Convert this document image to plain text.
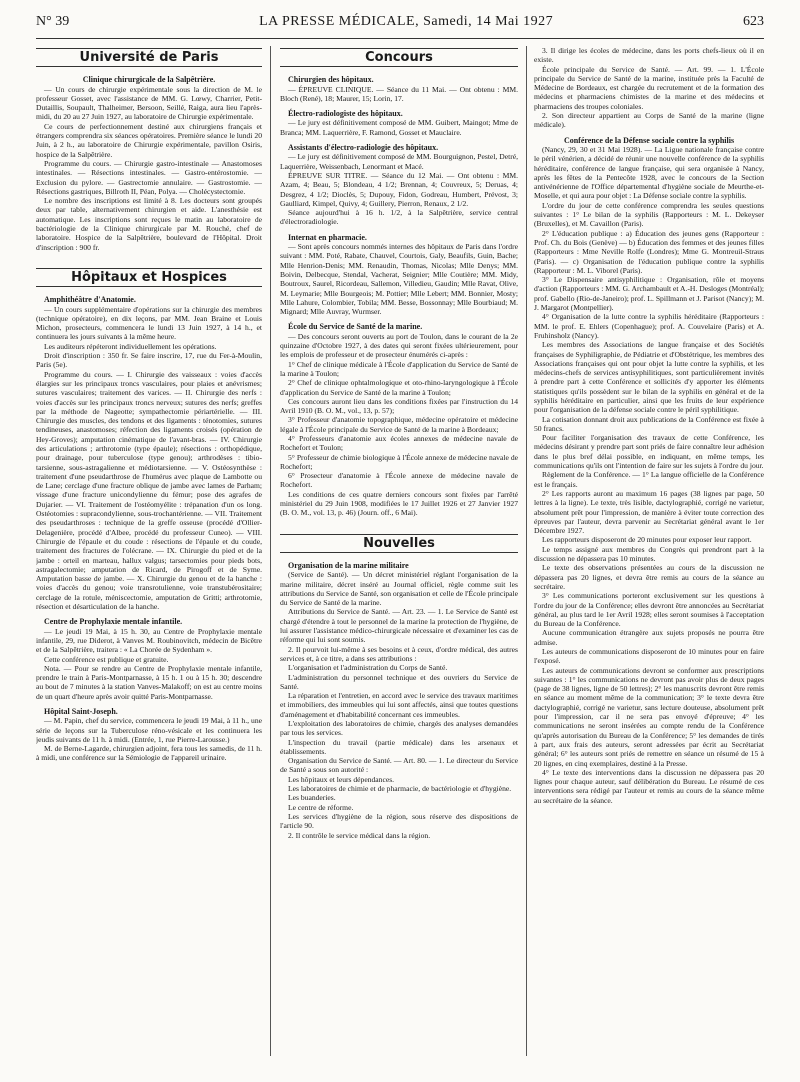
N° 39	LA PRESSE MÉDICALE, Samedi, 14 Mai 1927	623
Université de Paris
Clinique chirurgicale de la Salpêtrière.

— Un cours de chirurgie expérimentale sous la direction de M. le professeur Gosset, avec l'assistance de MM. G. Lœwy, Charrier, Petit-Dutaillis, Soupault, Thalheimer, Bersoon, Seillé, Raiga, aura lieu l'après-midi, du 20 au 27 Juin 1927, au laboratoire de Chirurgie expérimentale.

Ce cours de perfectionnement destiné aux chirurgiens français et étrangers comprendra six séances opératoires. Première séance le lundi 20 Juin, à 2 h., au laboratoire de Chirurgie expérimentale, pavillon Osiris, hospice de la Salpêtrière.

Programme du cours. — Chirurgie gastro-intestinale — Anastomoses intestinales. — Résections intestinales. — Gastro-entérostomie. — Exclusion du pylore. — Gastrectomie annulaire. — Gastrostomie. — Résections gastriques, Billroth II, Péan, Polya. — Cholécystectomie.

Le nombre des inscriptions est limité à 8. Les docteurs sont groupés deux par table, alternativement chirurgien et aide. L'anesthésie est automatique. Les inscriptions sont reçues le matin au laboratoire de bactériologie de la Clinique chirurgicale par M. Rouché, chef de laboratoire. Hospice de la Salpêtrière, boulevard de l'Hôpital. Droit d'inscription : 900 fr.

Hôpitaux et Hospices
Amphithéâtre d'Anatomie.

— Un cours supplémentaire d'opérations sur la chirurgie des membres (technique opératoire), en dix leçons, par MM. Jean Braine et Louis Michon, prosecteurs, commencera le lundi 13 Juin 1927, à 14 h., et continuera les jours suivants à la même heure.

Les auditeurs répéteront individuellement les opérations.

Droit d'inscription : 350 fr. Se faire inscrire, 17, rue du Fer-à-Moulin, Paris (5e).

Programme du cours. — I. Chirurgie des vaisseaux : voies d'accès élargies sur les principaux troncs vasculaires, pour plaies et anévrismes; sutures vasculaires; traitement des varices. — II. Chirurgie des nerfs : voies d'accès sur les principaux troncs nerveux; sutures des nerfs; greffes par la méthode de Nageotte; sympathectomie périartérielle. — III. Chirurgie des muscles, des tendons et des ligaments : ténotomies, sutures tendineuses, anastomoses; réfection des ligaments croisés (opération de Hey-Groves); amputation cinématique de l'avant-bras. — IV. Chirurgie des articulations ; arthrotomie (type épaule); résections : orthopédique, pour drainage, pour tuberculose (type genou); arthrodèses : tibio-tarsienne, sous-astragalienne et médiotarsienne. — V. Ostéosynthèse : traitement d'une pseudarthrose de l'humérus avec plaque de Lambotte ou de Lane; cerclage d'une fracture oblique de jambe avec lames de Parham; vissage d'une fracture unicondylienne du fémur; pose des agrafes de Dujarier. — VI. Traitement de l'ostéomyélite : trépanation d'un os long. Ostéotomies : supracondylienne, sous-trochantérienne. — VII. Traitement des pseudarthroses : technique de la greffe osseuse (procédé d'Ollier-Delagenière, procédé d'Albee, procédé du professeur Cuneo). — VIII. Chirurgie de l'épaule et du coude : résections de l'épaule et du coude, traitement des fractures de l'olécrane. — IX. Chirurgie du pied et de la jambe : orteil en marteau, hallux valgus; tarsectomies pour pieds bots, astragalectomie; amputation de Ricard, de Pirogoff et de Syme. Amputation basse de jambe. — X. Chirurgie du genou et de la hanche : voies d'accès du genou; voie transrotulienne, voie transtubérositaire; cerclage de la rotule, méniscectomie, amputation de Gritti; arthrotomie, résection et désarticulation de la hanche.

Centre de Prophylaxie mentale infantile.

— Le jeudi 19 Mai, à 15 h. 30, au Centre de Prophylaxie mentale infantile, 29, rue Diderot, à Vanves M. Roubinovitch, médecin de Bicêtre et de la Salpêtrière, traitera : « La Chorée de Sydenham ».

Cette conférence est publique et gratuite.

Nota. — Pour se rendre au Centre de Prophylaxie mentale infantile, prendre le train à Paris-Montparnasse, à 15 h. 1 ou à 15 h. 30; descendre au bout de 7 minutes à la station Vanves-Malakoff; on est au centre moins de un quart d'heure après avoir quitté Paris-Montparnasse.

Hôpital Saint-Joseph.

— M. Papin, chef du service, commencera le jeudi 19 Mai, à 11 h., une série de leçons sur la Tuberculose réno-vésicale et les continuera les jeudis suivants de 11 h. à midi. (Entrée, 1, rue Pierre-Larousse.)

M. de Berne-Lagarde, chirurgien adjoint, fera tous les samedis, de 11 h. à midi, une conférence sur la Sémiologie de l'appareil urinaire.

Concours
Chirurgien des hôpitaux.

— ÉPREUVE CLINIQUE. — Séance du 11 Mai. — Ont obtenu : MM. Bloch (René), 18; Maurer, 15; Lorin, 17.

Électro-radiologiste des hôpitaux.

— Le jury est définitivement composé de MM. Guibert, Maingot; Mme de Branca; MM. Laquerrière, F. Ramond, Gosset et Mauclaire.

Assistants d'électro-radiologie des hôpitaux.

— Le jury est définitivement composé de MM. Bourguignon, Pestel, Detré, Laquerrière, Weissenbach, Lenormant et Macé.

ÉPREUVE SUR TITRE. — Séance du 12 Mai. — Ont obtenu : MM. Azam, 4; Beau, 5; Blondeau, 4 1/2; Brennan, 4; Couvreux, 5; Deruas, 4; Desgrez, 4 1/2; Dioclès, 5; Dupouy, Fidon, Godreau, Humbert, Prévost, 3; Gaulliard, Kimpel, Quivy, 4; Guillery, Pierron, Renaux, 2 1/2.

Séance aujourd'hui à 16 h. 1/2, à la Salpêtrière, service central d'électroradiologie.

Internat en pharmacie.

— Sont après concours nommés internes des hôpitaux de Paris dans l'ordre suivant : MM. Poté, Rabate, Chauvel, Courtois, Galy, Beaufils, Guin, Bache; Mlle Henrion-Denis; MM. Renaudin, Thomas, Nicolas; Mlle Denys; MM. Boivin, Delbecque, Stendal, Vacherat, Seignier; Mlle Coutière; MM. Midy, Boutroux, Saurel, Ricordeau, Sallemon, Villedieu, Gaudin; Mlle Ravat, Olive, M. Leymarie; Mlle Bourgeois; M. Pottier; Mlle Lebert; MM. Bonnier, Mosty; Mlle Lahure, Colombier, Tobila; MM. Besse, Bossonnay; Mlle Bourbiaud; M. Mignard; Mlle Auvray, Wurmser.

École du Service de Santé de la marine.

— Des concours seront ouverts au port de Toulon, dans le courant de la 2e quinzaine d'Octobre 1927, à des dates qui seront fixées ultérieurement, pour les emplois de professeur et de prosecteur énumérés ci-après :

1° Chef de clinique médicale à l'École d'application du Service de Santé de la marine à Toulon;

2° Chef de clinique ophtalmologique et oto-rhino-laryngologique à l'École d'application du Service de Santé de la marine à Toulon;

Ces concours auront lieu dans les conditions fixées par l'instruction du 14 Avril 1910 (B. O. M., vol., 13, p. 57);

3° Professeur d'anatomie topographique, médecine opératoire et médecine légale à l'École principale du Service de Santé de la marine à Bordeaux;

4° Professeurs d'anatomie aux écoles annexes de médecine navale de Rochefort et Toulon;

5° Professeur de chimie biologique à l'École annexe de médecine navale de Rochefort;

6° Prosecteur d'anatomie à l'École annexe de médecine navale de Rochefort.

Les conditions de ces quatre derniers concours sont fixées par l'arrêté ministériel du 29 Juin 1908, modifiées le 17 Juillet 1926 et 27 Janvier 1927 (B. O. M., vol. 13, p. 46) (Journ. off., 6 Mai).

Nouvelles
Organisation de la marine militaire

(Service de Santé). — Un décret ministériel réglant l'organisation de la marine militaire, décret inséré au Journal officiel, règle comme suit les attributions du Service de Santé, son organisation et celle de l'École principale du Service de Santé de la marine.

Attributions du Service de Santé. — Art. 23. — 1. Le Service de Santé est chargé d'étendre à tout le personnel de la marine la protection de l'hygiène, de lui assurer l'assistance médico-chirurgicale nécessaire et d'examiner les cas de réforme qui lui sont soumis.

2. Il pourvoit lui-même à ses besoins et à ceux, d'ordre médical, des autres services et, à ce titre, a dans ses attributions :

L'organisation et l'administration du Corps de Santé.

L'administration du personnel technique et des ouvriers du Service de Santé.

La réparation et l'entretien, en accord avec le service des travaux maritimes et immobiliers, des immeubles qui lui sont affectés, ainsi que toutes questions d'aménagement et d'habitabilité concernant ces immeubles.

L'exploitation des laboratoires de chimie, chargés des analyses demandées par tous les services.

L'inspection du travail (partie médicale) dans les arsenaux et établissements.

Organisation du Service de Santé. — Art. 80. — 1. Le directeur du Service de Santé a sous son autorité :

Les hôpitaux et leurs dépendances.

Les laboratoires de chimie et de pharmacie, de bactériologie et d'hygiène.

Les buanderies.

Le centre de réforme.

Les services d'hygiène de la région, sous réserve des dispositions de l'article 90.

2. Il contrôle le service médical dans la région.

3. Il dirige les écoles de médecine, dans les ports chefs-lieux où il en existe.

École principale du Service de Santé. — Art. 99. — 1. L'École principale du Service de Santé de la marine, instituée près la Faculté de Médecine de Bordeaux, est chargée du recrutement et de la formation des médecins et pharmaciens chimistes de la marine et des médecins et pharmaciens des troupes coloniales.

2. Son directeur appartient au Corps de Santé de la marine (ligne médicale).

Conférence de la Défense sociale contre la syphilis

(Nancy, 29, 30 et 31 Mai 1928). — La Ligue nationale française contre le péril vénérien, a décidé de réunir une nouvelle conférence de la syphilis héréditaire, conférence de langue française, qui sera organisée à Nancy, après les fêtes de la Pentecôte 1928, avec le concours de la Section antivénérienne de l'Office départemental d'hygiène sociale de Meurthe-et-Moselle, et qui aura pour objet : La Défense sociale contre la syphilis.

L'ordre du jour de cette conférence comprendra les seules questions suivantes : 1° Le bilan de la syphilis (Rapporteurs : M. L. Dekeyser (Bruxelles), et M. Cavaillon (Paris).

2° L'éducation publique : a) Éducation des jeunes gens (Rapporteur : Prof. Ch. du Bois (Genève) — b) Éducation des femmes et des jeunes filles (Rapporteurs : Mme Neville Rolfe (Londres); Mme G. Montreuil-Straus (Paris). — c) Organisation de l'éducation publique contre la syphilis (Rapporteur : M. L. Viborel (Paris).

3° Le Dispensaire antisyphilitique : Organisation, rôle et moyens d'action (Rapporteurs : MM. G. Archambault et A.-H. Desloges (Montréal); prof. Gabello (Rio-de-Janeiro); prof. L. Spillmann et J. Parisot (Nancy); M. J. Margarot (Montpellier).

4° Organisation de la lutte contre la syphilis héréditaire (Rapporteurs : MM. le prof. E. Ehlers (Copenhague); prof. A. Couvelaire (Paris) et A. Fruhinsholz (Nancy).

Les membres des Associations de langue française et des Sociétés françaises de Syphiligraphie, de Pédiatrie et d'Obstétrique, les membres des Associations françaises qui ont pour objet la lutte contre la syphilis, et les médecins-chefs de services antisyphilitiques, sont particulièrement invités à prendre part à cette Conférence et sollicités d'y apporter les éléments statistiques qu'ils possèdent sur le bilan de la syphilis en général et de la syphilis héréditaire en particulier, ainsi que les fruits de leur expérience pour l'organisation de la défense sociale contre le péril syphilitique.

La cotisation donnant droit aux publications de la Conférence est fixée à 50 francs.

Pour faciliter l'organisation des travaux de cette Conférence, les médecins désirant y prendre part sont priés de faire connaître leur adhésion dans le plus bref délai possible, en indiquant, en même temps, les communications qu'ils ont l'intention de faire sur les sujets à l'ordre du jour.

Règlement de la Conférence. — 1° La langue officielle de la Conférence est le français.

2° Les rapports auront au maximum 16 pages (38 lignes par page, 50 lettres à la ligne). Le texte, très lisible, dactylographié, corrigé ne varietur, absolument prêt pour l'impression, de manière à éviter toute correction des épreuves par l'auteur, devra parvenir au Secrétariat général avant le 1er Décembre 1927.

Les rapporteurs disposeront de 20 minutes pour exposer leur rapport.

Le temps assigné aux membres du Congrès qui prendront part à la discussion ne dépassera pas 10 minutes.

Le texte des observations présentées au cours de la discussion ne dépassera pas 20 lignes, et devra être remis au cours de la séance au secrétaire.

3° Les communications porteront exclusivement sur les questions à l'ordre du jour de la Conférence; elles devront être annoncées au Secrétariat général, au plus tard le 1er Avril 1928; elles seront soumises à l'acceptation du Bureau de la Conférence.

Aucune communication étrangère aux sujets proposés ne pourra être admise.

Les auteurs de communications disposeront de 10 minutes pour en faire l'exposé.

Les auteurs de communications devront se conformer aux prescriptions suivantes : 1° les communications ne devront pas avoir plus de deux pages (page de 38 lignes, ligne de 50 lettres); 2° les manuscrits devront être remis en séance au moment même de la communication; 3° le texte devra être dactylographié, corrigé ne varietur, sans lecture douteuse, absolument prêt pour l'impression, car il ne sera pas envoyé d'épreuve; 4° les communications ne seront insérées au compte rendu de la Conférence qu'après autorisation du Bureau de la Conférence; 5° les demandes de tirés à part, aux frais des auteurs, seront adressées par écrit au Secrétariat général; 6° les auteurs sont priés de remettre en séance un résumé de 15 à 20 lignes, en cinq exemplaires, destiné à la Presse.

4° Le texte des interventions dans la discussion ne dépassera pas 20 lignes pour chaque auteur, sauf délibération du Bureau. Le résumé de ces interventions sera rédigé par l'auteur et remis au cours de la séance même au secrétaire de la séance.
